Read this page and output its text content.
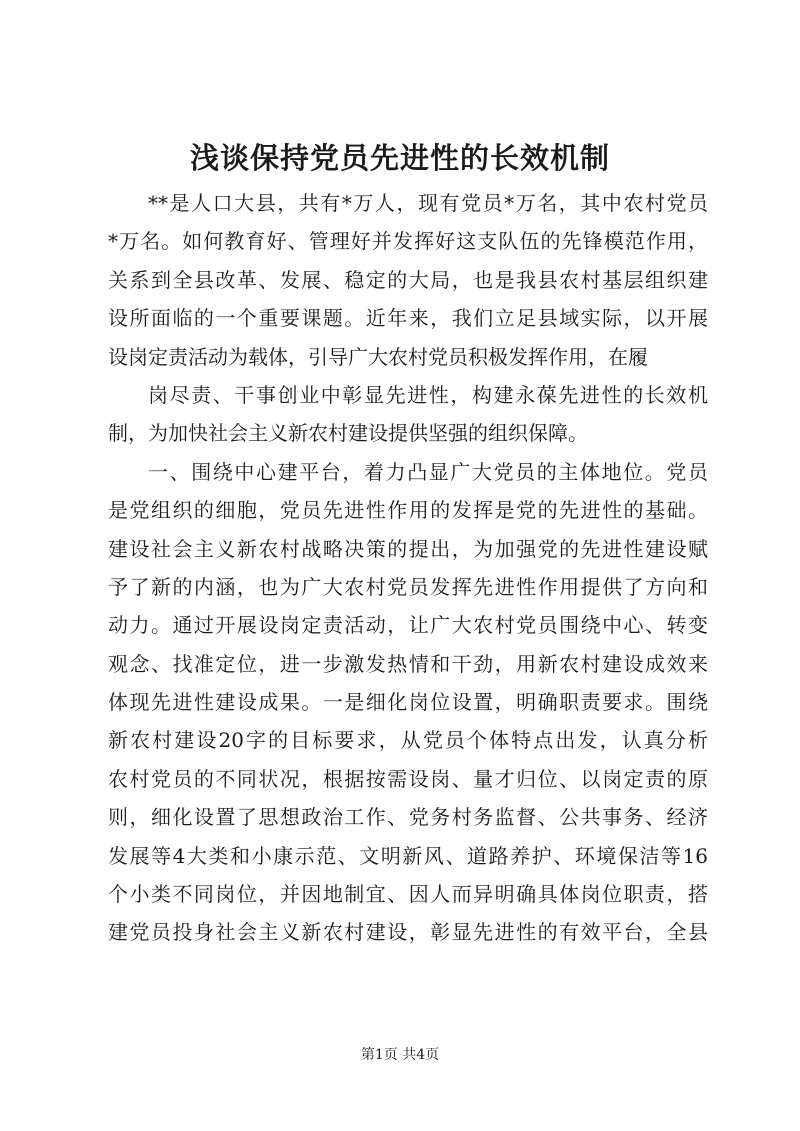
浅谈保持党员先进性的长效机制
**是人口大县，共有*万人，现有党员*万名，其中农村党员
*万名。如何教育好、管理好并发挥好这支队伍的先锋模范作用，
关系到全县改革、发展、稳定的大局，也是我县农村基层组织建
设所面临的一个重要课题。近年来，我们立足县域实际，以开展
设岗定责活动为载体，引导广大农村党员积极发挥作用，在履
岗尽责、干事创业中彰显先进性，构建永葆先进性的长效机
制，为加快社会主义新农村建设提供坚强的组织保障。
一、围绕中心建平台，着力凸显广大党员的主体地位。党员
是党组织的细胞，党员先进性作用的发挥是党的先进性的基础。
建设社会主义新农村战略决策的提出，为加强党的先进性建设赋
予了新的内涵，也为广大农村党员发挥先进性作用提供了方向和
动力。通过开展设岗定责活动，让广大农村党员围绕中心、转变
观念、找准定位，进一步激发热情和干劲，用新农村建设成效来
体现先进性建设成果。一是细化岗位设置，明确职责要求。围绕
新农村建设20字的目标要求，从党员个体特点出发，认真分析
农村党员的不同状况，根据按需设岗、量才归位、以岗定责的原
则，细化设置了思想政治工作、党务村务监督、公共事务、经济
发展等4大类和小康示范、文明新风、道路养护、环境保洁等16
个小类不同岗位，并因地制宜、因人而异明确具体岗位职责，搭
建党员投身社会主义新农村建设，彰显先进性的有效平台，全县
第1页 共4页
